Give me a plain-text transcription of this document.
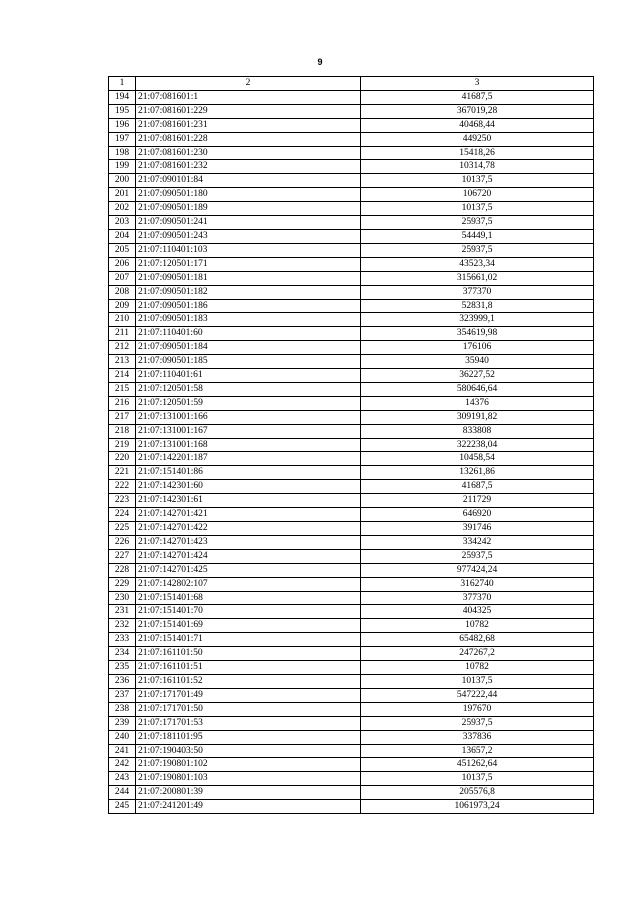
9
1	2	3
194	21:07:081601:1	41687,5
195	21:07:081601:229	367019,28
196	21:07:081601:231	40468,44
197	21:07:081601:228	449250
198	21:07:081601:230	15418,26
199	21:07:081601:232	10314,78
200	21:07:090101:84	10137,5
201	21:07:090501:180	106720
202	21:07:090501:189	10137,5
203	21:07:090501:241	25937,5
204	21:07:090501:243	54449,1
205	21:07:110401:103	25937,5
206	21:07:120501:171	43523,34
207	21:07:090501:181	315661,02
208	21:07:090501:182	377370
209	21:07:090501:186	52831,8
210	21:07:090501:183	323999,1
211	21:07:110401:60	354619,98
212	21:07:090501:184	176106
213	21:07:090501:185	35940
214	21:07:110401:61	36227,52
215	21:07:120501:58	580646,64
216	21:07:120501:59	14376
217	21:07:131001:166	309191,82
218	21:07:131001:167	833808
219	21:07:131001:168	322238,04
220	21:07:142201:187	10458,54
221	21:07:151401:86	13261,86
222	21:07:142301:60	41687,5
223	21:07:142301:61	211729
224	21:07:142701:421	646920
225	21:07:142701:422	391746
226	21:07:142701:423	334242
227	21:07:142701:424	25937,5
228	21:07:142701:425	977424,24
229	21:07:142802:107	3162740
230	21:07:151401:68	377370
231	21:07:151401:70	404325
232	21:07:151401:69	10782
233	21:07:151401:71	65482,68
234	21:07:161101:50	247267,2
235	21:07:161101:51	10782
236	21:07:161101:52	10137,5
237	21:07:171701:49	547222,44
238	21:07:171701:50	197670
239	21:07:171701:53	25937,5
240	21:07:181101:95	337836
241	21:07:190403:50	13657,2
242	21:07:190801:102	451262,64
243	21:07:190801:103	10137,5
244	21:07:200801:39	205576,8
245	21:07:241201:49	1061973,24
